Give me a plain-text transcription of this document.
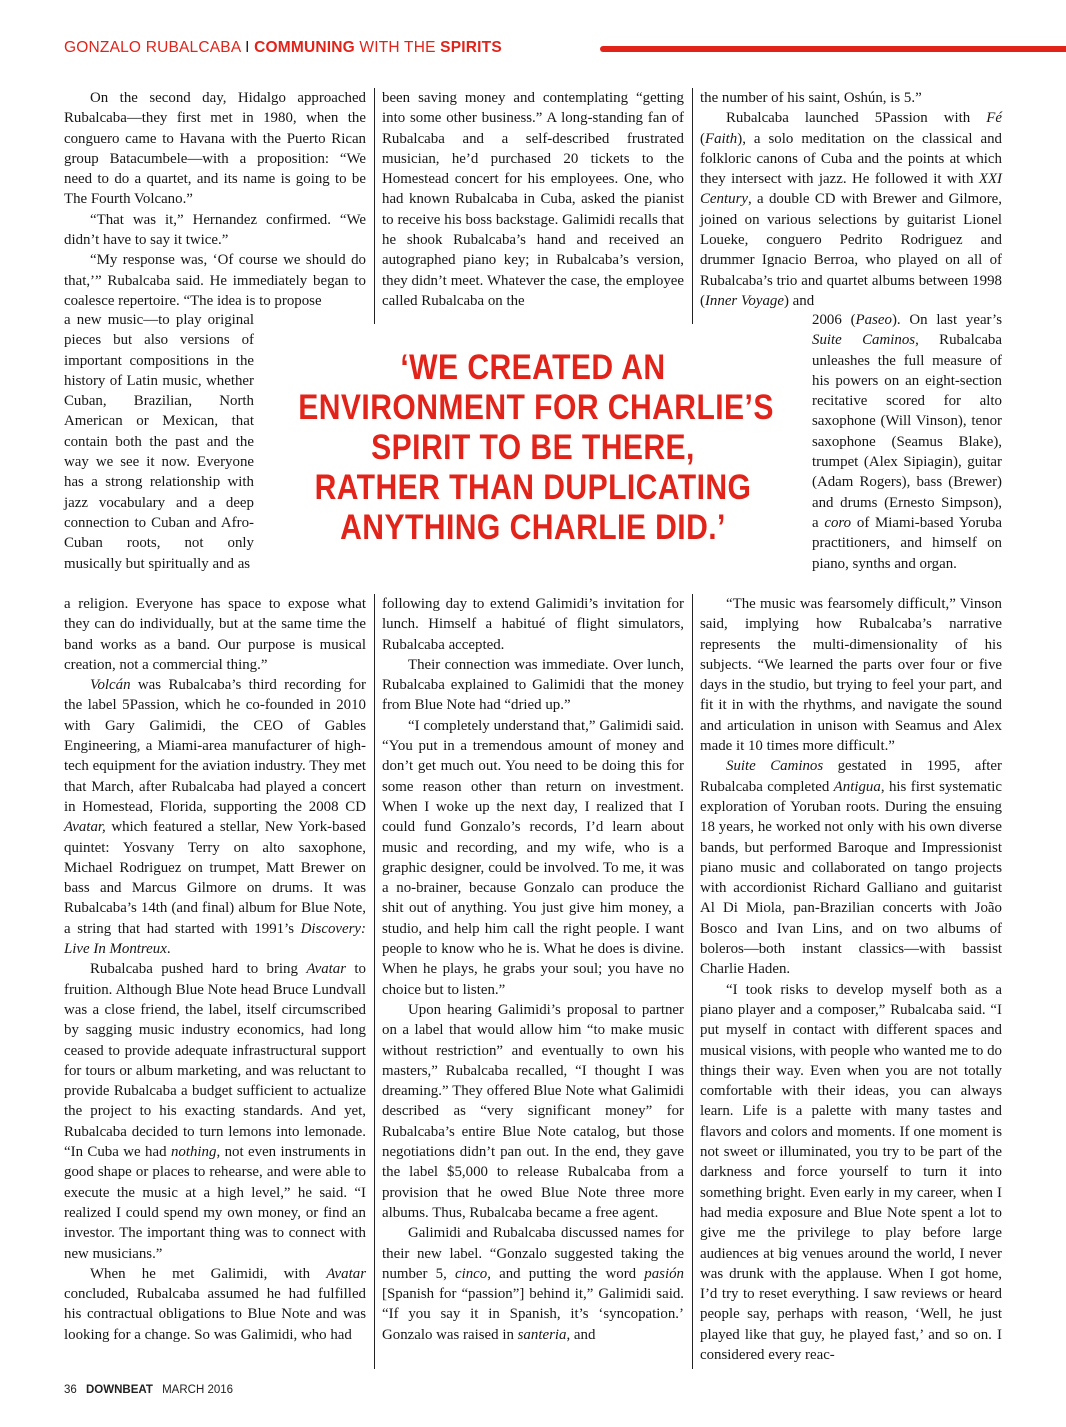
GONZALO RUBALCABA I COMMUNING WITH THE SPIRITS

On the second day, Hidalgo approached Rubalcaba—they first met in 1980, when the conguero came to Havana with the Puerto Rican group Batacumbele—with a proposition: “We need to do a quartet, and its name is going to be The Fourth Volcano.”

“That was it,” Hernandez confirmed. “We didn’t have to say it twice.”

“My response was, ‘Of course we should do that,’” Rubalcaba said. He immediately began to coalesce repertoire. “The idea is to propose

a new music—to play original pieces but also versions of important compositions in the history of Latin music, whether Cuban, Brazilian, North American or Mexican, that contain both the past and the way we see it now. Everyone has a strong relationship with jazz vocabulary and a deep connection to Cuban and Afro-Cuban roots, not only musically but spiritually and as

‘WE CREATED AN
ENVIRONMENT FOR CHARLIE’S
SPIRIT TO BE THERE,
RATHER THAN DUPLICATING
ANYTHING CHARLIE DID.’

a religion. Everyone has space to expose what they can do individually, but at the same time the band works as a band. Our purpose is musical creation, not a commercial thing.”

Volcán was Rubalcaba’s third recording for the label 5Passion, which he co-founded in 2010 with Gary Galimidi, the CEO of Gables Engineering, a Miami-area manufacturer of high-tech equipment for the aviation industry. They met that March, after Rubalcaba had played a concert in Homestead, Florida, supporting the 2008 CD Avatar, which featured a stellar, New York-based quintet: Yosvany Terry on alto saxophone, Michael Rodriguez on trumpet, Matt Brewer on bass and Marcus Gilmore on drums. It was Rubalcaba’s 14th (and final) album for Blue Note, a string that had started with 1991’s Discovery: Live In Montreux.

Rubalcaba pushed hard to bring Avatar to fruition. Although Blue Note head Bruce Lundvall was a close friend, the label, itself circumscribed by sagging music industry economics, had long ceased to provide adequate infrastructural support for tours or album marketing, and was reluctant to provide Rubalcaba a budget sufficient to actualize the project to his exacting standards. And yet, Rubalcaba decided to turn lemons into lemonade. “In Cuba we had nothing, not even instruments in good shape or places to rehearse, and were able to execute the music at a high level,” he said. “I realized I could spend my own money, or find an investor. The important thing was to connect with new musicians.”

When he met Galimidi, with Avatar concluded, Rubalcaba assumed he had fulfilled his contractual obligations to Blue Note and was looking for a change. So was Galimidi, who had

been saving money and contemplating “getting into some other business.” A long-standing fan of Rubalcaba and a self-described frustrated musician, he’d purchased 20 tickets to the Homestead concert for his employees. One, who had known Rubalcaba in Cuba, asked the pianist to receive his boss backstage. Galimidi recalls that he shook Rubalcaba’s hand and received an autographed piano key; in Rubalcaba’s version, they didn’t meet. Whatever the case, the employee called Rubalcaba on the

following day to extend Galimidi’s invitation for lunch. Himself a habitué of flight simulators, Rubalcaba accepted.

Their connection was immediate. Over lunch, Rubalcaba explained to Galimidi that the money from Blue Note had “dried up.”

“I completely understand that,” Galimidi said. “You put in a tremendous amount of money and don’t get much out. You need to be doing this for some reason other than return on investment. When I woke up the next day, I realized that I could fund Gonzalo’s records, I’d learn about music and recording, and my wife, who is a graphic designer, could be involved. To me, it was a no-brainer, because Gonzalo can produce the shit out of anything. You just give him money, a studio, and help him call the right people. I want people to know who he is. What he does is divine. When he plays, he grabs your soul; you have no choice but to listen.”

Upon hearing Galimidi’s proposal to partner on a label that would allow him “to make music without restriction” and eventually to own his masters,” Rubalcaba recalled, “I thought I was dreaming.” They offered Blue Note what Galimidi described as “very significant money” for Rubalcaba’s entire Blue Note catalog, but those negotiations didn’t pan out. In the end, they gave the label $5,000 to release Rubalcaba from a provision that he owed Blue Note three more albums. Thus, Rubalcaba became a free agent.

Galimidi and Rubalcaba discussed names for their new label. “Gonzalo suggested taking the number 5, cinco, and putting the word pasión [Spanish for “passion”] behind it,” Galimidi said. “If you say it in Spanish, it’s ‘syncopation.’ Gonzalo was raised in santeria, and

the number of his saint, Oshún, is 5.”

Rubalcaba launched 5Passion with Fé (Faith), a solo meditation on the classical and folkloric canons of Cuba and the points at which they intersect with jazz. He followed it with XXI Century, a double CD with Brewer and Gilmore, joined on various selections by guitarist Lionel Loueke, conguero Pedrito Rodriguez and drummer Ignacio Berroa, who played on all of Rubalcaba’s trio and quartet albums between 1998 (Inner Voyage) and

2006 (Paseo). On last year’s Suite Caminos, Rubalcaba unleashes the full measure of his powers on an eight-section recitative scored for alto saxophone (Will Vinson), tenor saxophone (Seamus Blake), trumpet (Alex Sipiagin), guitar (Adam Rogers), bass (Brewer) and drums (Ernesto Simpson), a coro of Miami-based Yoruba practitioners, and himself on piano, synths and organ.

“The music was fearsomely difficult,” Vinson said, implying how Rubalcaba’s narrative represents the multi-dimensionality of his subjects. “We learned the parts over four or five days in the studio, but trying to feel your part, and fit it in with the rhythms, and navigate the sound and articulation in unison with Seamus and Alex made it 10 times more difficult.”

Suite Caminos gestated in 1995, after Rubalcaba completed Antigua, his first systematic exploration of Yoruban roots. During the ensuing 18 years, he worked not only with his own diverse bands, but performed Baroque and Impressionist piano music and collaborated on tango projects with accordionist Richard Galliano and guitarist Al Di Miola, pan-Brazilian concerts with João Bosco and Ivan Lins, and on two albums of boleros—both instant classics—with bassist Charlie Haden.

“I took risks to develop myself both as a piano player and a composer,” Rubalcaba said. “I put myself in contact with different spaces and musical visions, with people who wanted me to do things their way. Even when you are not totally comfortable with their ideas, you can always learn. Life is a palette with many tastes and flavors and colors and moments. If one moment is not sweet or illuminated, you try to be part of the darkness and force yourself to turn it into something bright. Even early in my career, when I had media exposure and Blue Note spent a lot to give me the privilege to play before large audiences at big venues around the world, I never was drunk with the applause. When I got home, I’d try to reset everything. I saw reviews or heard people say, perhaps with reason, ‘Well, he just played like that guy, he played fast,’ and so on. I considered every reac-

36 DOWNBEAT MARCH 2016
